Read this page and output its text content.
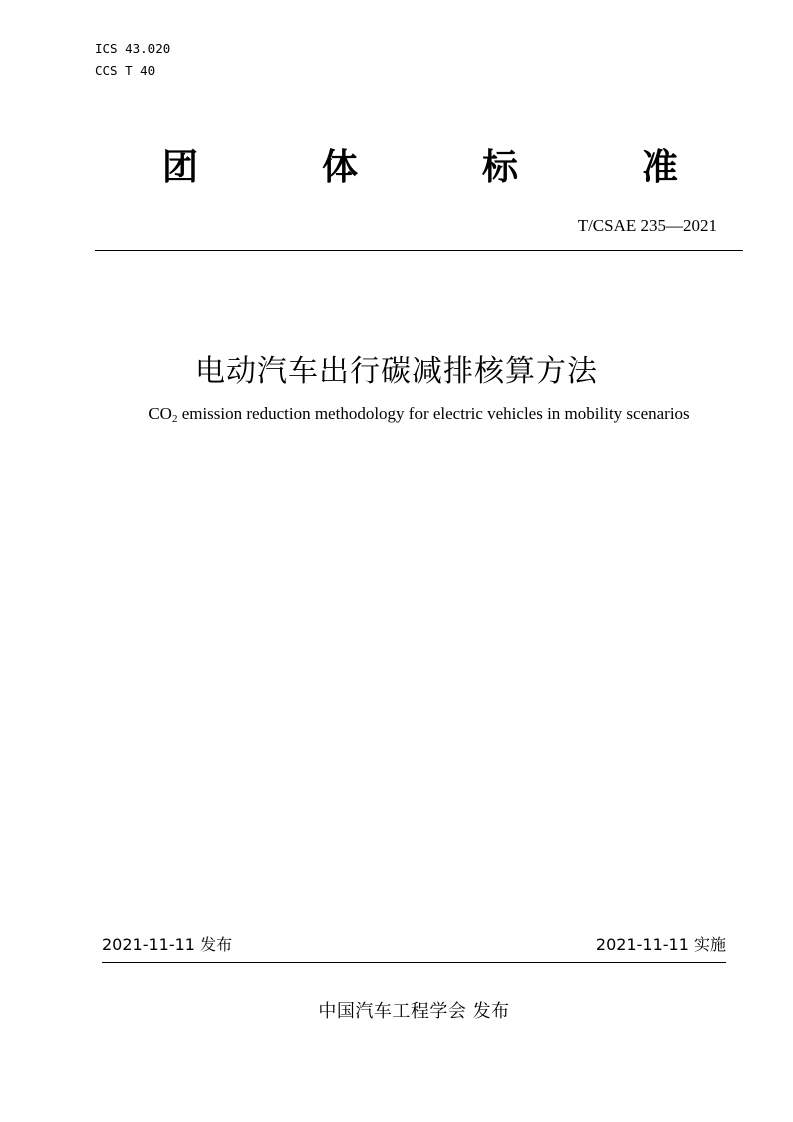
ICS 43.020
CCS T 40
团	体	标	准
T/CSAE 235—2021
电动汽车出行碳减排核算方法
$CO_2$ emission reduction methodology for electric vehicles in mobility scenarios
2021-11-11 发布	2021-11-11 实施
中国汽车工程学会 发布
